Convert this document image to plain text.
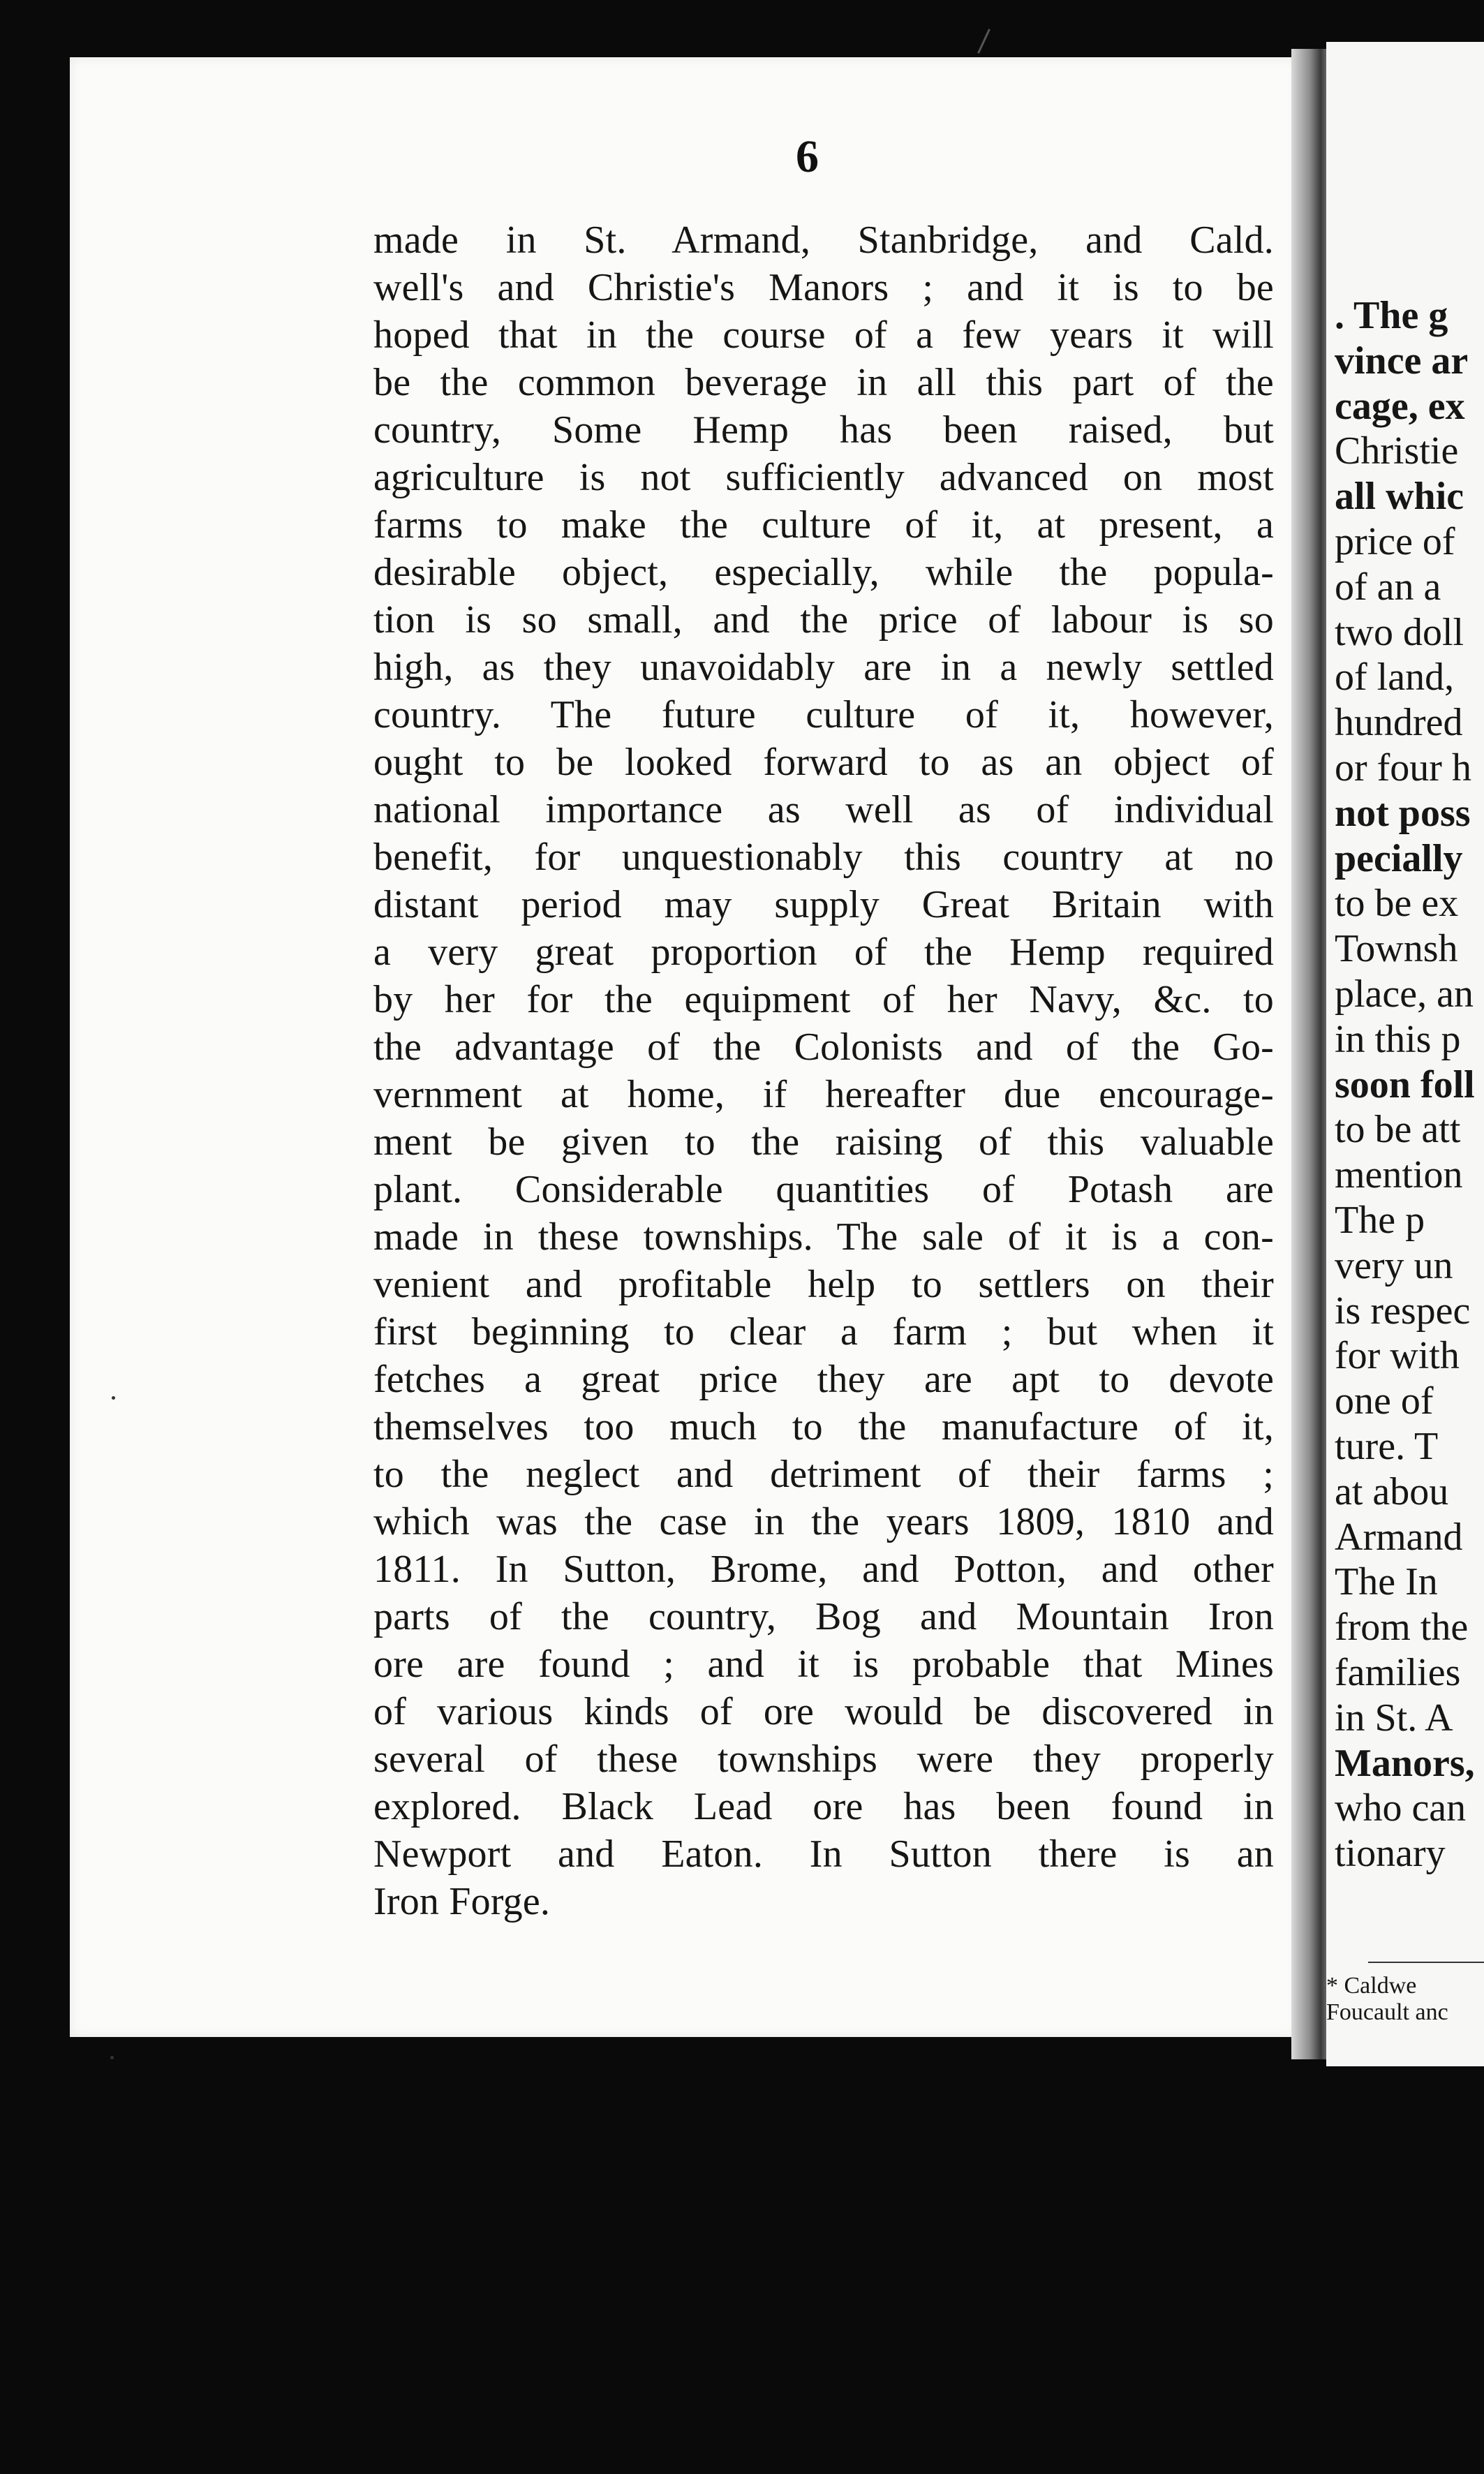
6
made in St. Armand, Stanbridge, and Cald.
well's and Christie's Manors ; and it is to be
hoped that in the course of a few years it will
be the common beverage in all this part of the
country, Some Hemp has been raised, but
agriculture is not sufficiently advanced on most
farms to make the culture of it, at present, a
desirable object, especially, while the popula-
tion is so small, and the price of labour is so
high, as they unavoidably are in a newly settled
country. The future culture of it, however,
ought to be looked forward to as an object of
national importance as well as of individual
benefit, for unquestionably this country at no
distant period may supply Great Britain with
a very great proportion of the Hemp required
by her for the equipment of her Navy, &c. to
the advantage of the Colonists and of the Go-
vernment at home, if hereafter due encourage-
ment be given to the raising of this valuable
plant. Considerable quantities of Potash are
made in these townships. The sale of it is a con-
venient and profitable help to settlers on their
first beginning to clear a farm ; but when it
fetches a great price they are apt to devote
themselves too much to the manufacture of it,
to the neglect and detriment of their farms ;
which was the case in the years 1809, 1810 and
1811. In Sutton, Brome, and Potton, and other
parts of the country, Bog and Mountain Iron
ore are found ; and it is probable that Mines
of various kinds of ore would be discovered in
several of these townships were they properly
explored. Black Lead ore has been found in
Newport and Eaton. In Sutton there is an
Iron Forge.
. The g
vince ar
cage, ex
Christie
all whic
price of
of an a
two doll
of land,
hundred
or four h
not poss
pecially
to be ex
Townsh
place, an
in this p
soon foll
to be att
mention
The p
very un
is respec
for with
one of
ture. T
at abou
Armand
The In
from the
families
in St. A
Manors,
who can
tionary
* Caldwe
Foucault anc
